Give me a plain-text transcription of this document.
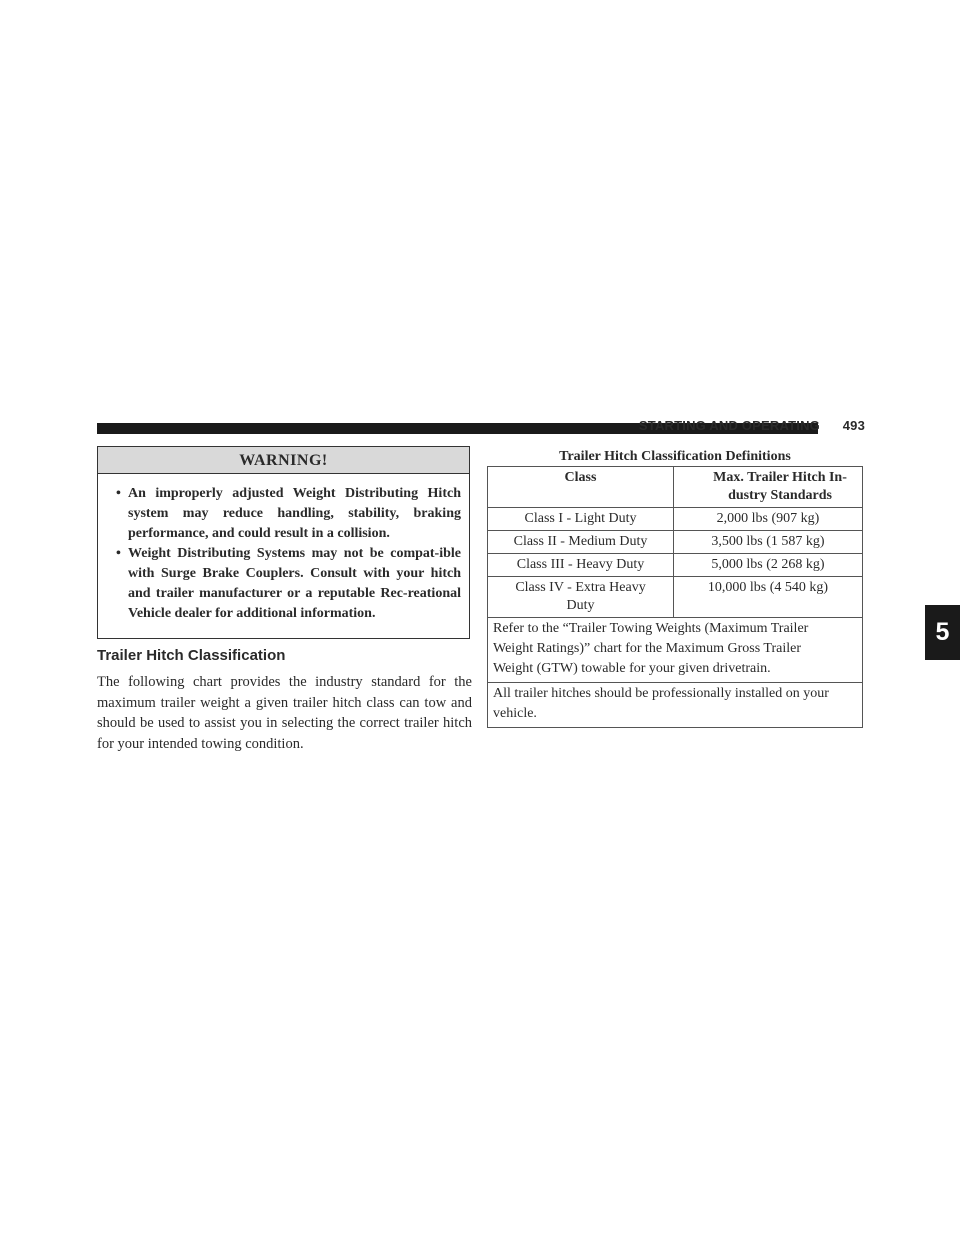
STARTING AND OPERATING 493
5
WARNING!
• An improperly adjusted Weight Distributing Hitch system may reduce handling, stability, braking performance, and could result in a collision.
• Weight Distributing Systems may not be compat-ible with Surge Brake Couplers. Consult with your hitch and trailer manufacturer or a reputable Rec-reational Vehicle dealer for additional information.
Trailer Hitch Classification
The following chart provides the industry standard for the maximum trailer weight a given trailer hitch class can tow and should be used to assist you in selecting the correct trailer hitch for your intended towing condition.
Trailer Hitch Classification Definitions
Class	Max. Trailer Hitch In-dustry Standards
Class I - Light Duty	2,000 lbs (907 kg)
Class II - Medium Duty	3,500 lbs (1 587 kg)
Class III - Heavy Duty	5,000 lbs (2 268 kg)
Class IV - Extra Heavy Duty	10,000 lbs (4 540 kg)
Refer to the “Trailer Towing Weights (Maximum Trailer Weight Ratings)” chart for the Maximum Gross Trailer Weight (GTW) towable for your given drivetrain.	
All trailer hitches should be professionally installed on your vehicle.	
